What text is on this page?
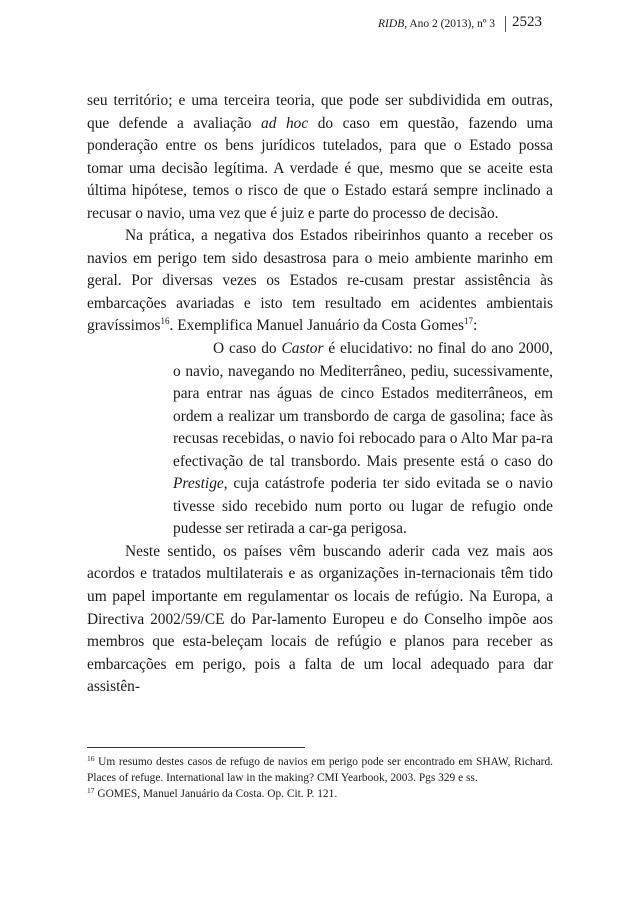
RIDB, Ano 2 (2013), nº 3 2523

seu território; e uma terceira teoria, que pode ser subdividida em outras, que defende a avaliação ad hoc do caso em questão, fazendo uma ponderação entre os bens jurídicos tutelados, para que o Estado possa tomar uma decisão legítima. A verdade é que, mesmo que se aceite esta última hipótese, temos o risco de que o Estado estará sempre inclinado a recusar o navio, uma vez que é juiz e parte do processo de decisão.

Na prática, a negativa dos Estados ribeirinhos quanto a receber os navios em perigo tem sido desastrosa para o meio ambiente marinho em geral. Por diversas vezes os Estados re-cusam prestar assistência às embarcações avariadas e isto tem resultado em acidentes ambientais gravíssimos$^{16}$. Exemplifica Manuel Januário da Costa Gomes$^{17}$:

O caso do Castor é elucidativo: no final do ano 2000, o navio, navegando no Mediterrâneo, pediu, sucessivamente, para entrar nas águas de cinco Estados mediterrâneos, em ordem a realizar um transbordo de carga de gasolina; face às recusas recebidas, o navio foi rebocado para o Alto Mar pa-ra efectivação de tal transbordo. Mais presente está o caso do Prestige, cuja catástrofe poderia ter sido evitada se o navio tivesse sido recebido num porto ou lugar de refugio onde pudesse ser retirada a car-ga perigosa.

Neste sentido, os países vêm buscando aderir cada vez mais aos acordos e tratados multilaterais e as organizações in-ternacionais têm tido um papel importante em regulamentar os locais de refúgio. Na Europa, a Directiva 2002/59/CE do Par-lamento Europeu e do Conselho impõe aos membros que esta-beleçam locais de refúgio e planos para receber as embarcações em perigo, pois a falta de um local adequado para dar assistên-

$^{16}$ Um resumo destes casos de refugo de navios em perigo pode ser encontrado em SHAW, Richard. Places of refuge. International law in the making? CMI Yearbook, 2003. Pgs 329 e ss.

$^{17}$ GOMES, Manuel Januário da Costa. Op. Cit. P. 121.
